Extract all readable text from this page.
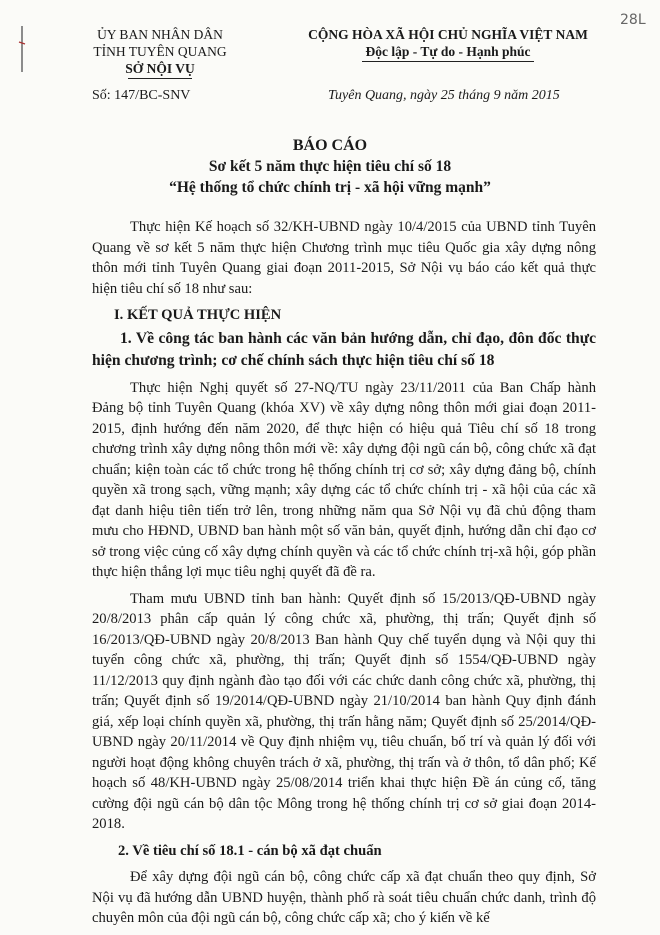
28L
ỦY BAN NHÂN DÂN
TỈNH TUYÊN QUANG
SỞ NỘI VỤ
CỘNG HÒA XÃ HỘI CHỦ NGHĨA VIỆT NAM
Độc lập - Tự do - Hạnh phúc
Số: 147/BC-SNV	Tuyên Quang, ngày 25 tháng 9 năm 2015
BÁO CÁO
Sơ kết 5 năm thực hiện tiêu chí số 18
“Hệ thống tổ chức chính trị - xã hội vững mạnh”

Thực hiện Kế hoạch số 32/KH-UBND ngày 10/4/2015 của UBND tỉnh Tuyên Quang về sơ kết 5 năm thực hiện Chương trình mục tiêu Quốc gia xây dựng nông thôn mới tỉnh Tuyên Quang giai đoạn 2011-2015, Sở Nội vụ báo cáo kết quả thực hiện tiêu chí số 18 như sau:

I. KẾT QUẢ THỰC HIỆN
1. Về công tác ban hành các văn bản hướng dẫn, chỉ đạo, đôn đốc thực hiện chương trình; cơ chế chính sách thực hiện tiêu chí số 18

Thực hiện Nghị quyết số 27-NQ/TU ngày 23/11/2011 của Ban Chấp hành Đảng bộ tỉnh Tuyên Quang (khóa XV) về xây dựng nông thôn mới giai đoạn 2011-2015, định hướng đến năm 2020, để thực hiện có hiệu quả Tiêu chí số 18 trong chương trình xây dựng nông thôn mới về: xây dựng đội ngũ cán bộ, công chức xã đạt chuẩn; kiện toàn các tổ chức trong hệ thống chính trị cơ sở; xây dựng đảng bộ, chính quyền xã trong sạch, vững mạnh; xây dựng các tổ chức chính trị - xã hội của các xã đạt danh hiệu tiên tiến trở lên, trong những năm qua Sở Nội vụ đã chủ động tham mưu cho HĐND, UBND ban hành một số văn bản, quyết định, hướng dẫn chỉ đạo cơ sở trong việc củng cố xây dựng chính quyền và các tổ chức chính trị-xã hội, góp phần thực hiện thắng lợi mục tiêu nghị quyết đã đề ra.

Tham mưu UBND tỉnh ban hành: Quyết định số 15/2013/QĐ-UBND ngày 20/8/2013 phân cấp quản lý công chức xã, phường, thị trấn; Quyết định số 16/2013/QĐ-UBND ngày 20/8/2013 Ban hành Quy chế tuyển dụng và Nội quy thi tuyển công chức xã, phường, thị trấn; Quyết định số 1554/QĐ-UBND ngày 11/12/2013 quy định ngành đào tạo đối với các chức danh công chức xã, phường, thị trấn; Quyết định số 19/2014/QĐ-UBND ngày 21/10/2014 ban hành Quy định đánh giá, xếp loại chính quyền xã, phường, thị trấn hằng năm; Quyết định số 25/2014/QĐ-UBND ngày 20/11/2014 về Quy định nhiệm vụ, tiêu chuẩn, bố trí và quản lý đối với người hoạt động không chuyên trách ở xã, phường, thị trấn và ở thôn, tổ dân phố; Kế hoạch số 48/KH-UBND ngày 25/08/2014 triển khai thực hiện Đề án củng cố, tăng cường đội ngũ cán bộ dân tộc Mông trong hệ thống chính trị cơ sở giai đoạn 2014-2018.

2. Về tiêu chí số 18.1 - cán bộ xã đạt chuẩn

Để xây dựng đội ngũ cán bộ, công chức cấp xã đạt chuẩn theo quy định, Sở Nội vụ đã hướng dẫn UBND huyện, thành phố rà soát tiêu chuẩn chức danh, trình độ chuyên môn của đội ngũ cán bộ, công chức cấp xã; cho ý kiến về kế
